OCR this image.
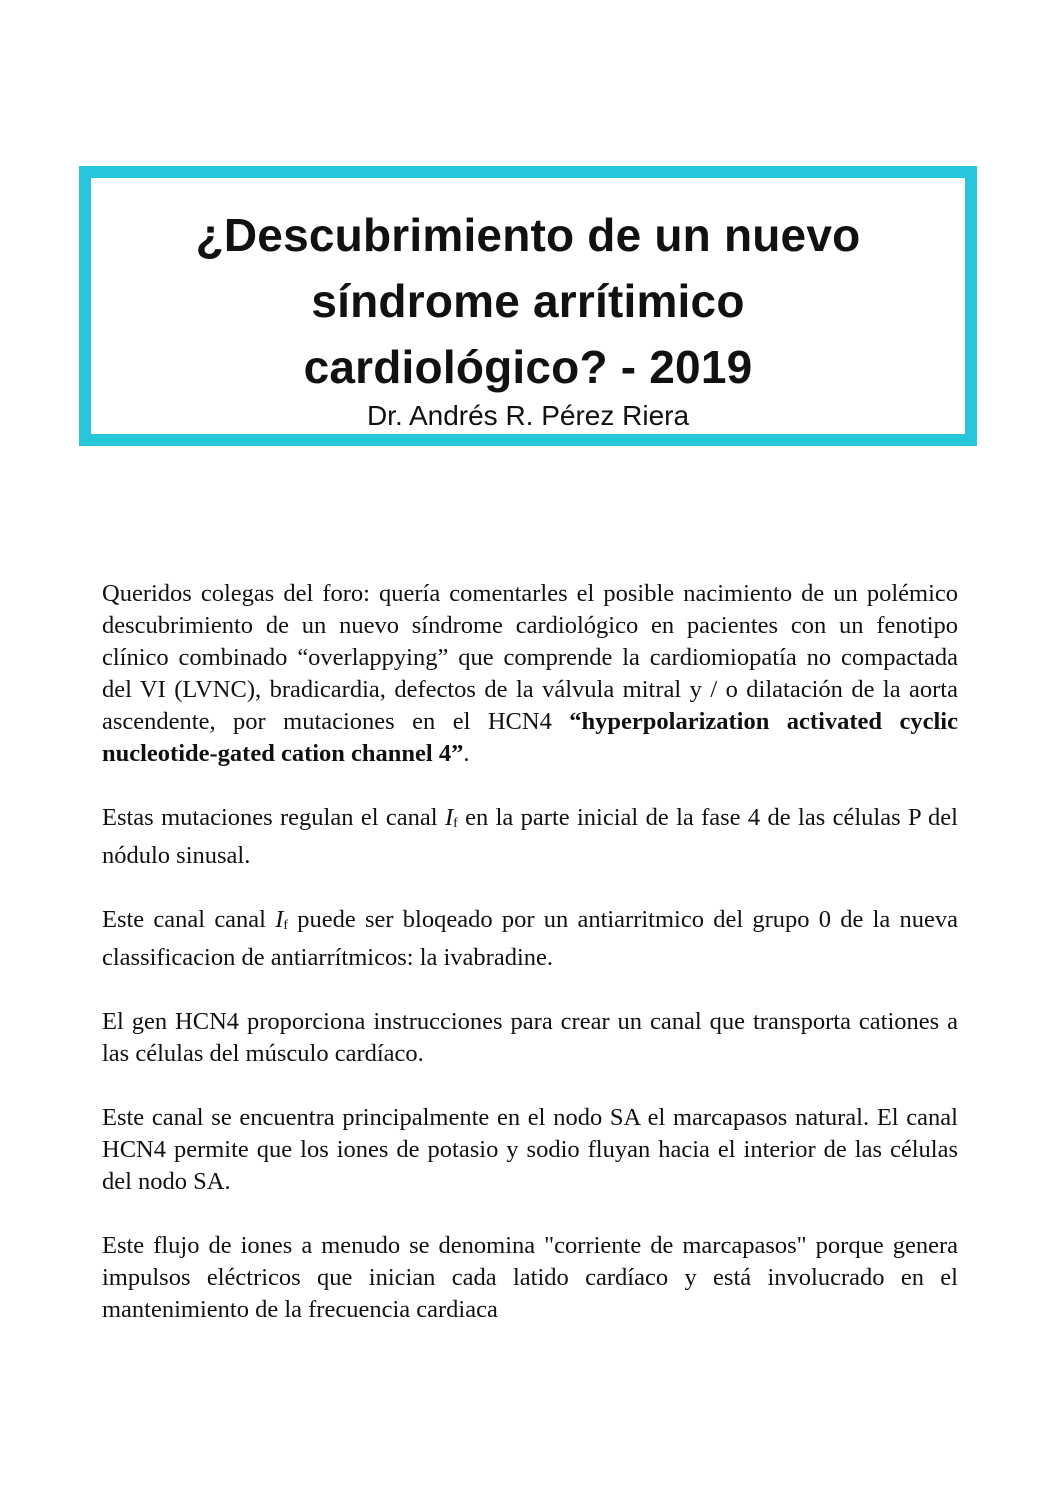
¿Descubrimiento de un nuevo
síndrome arrítimico
cardiológico? - 2019
Dr. Andrés R. Pérez Riera

Queridos colegas del foro: quería comentarles el posible nacimiento de un polémico descubrimiento de un nuevo síndrome cardiológico en pacientes con un fenotipo clínico combinado “overlappying” que comprende la cardiomiopatía no compactada del VI (LVNC), bradicardia, defectos de la válvula mitral y / o dilatación de la aorta ascendente, por mutaciones en el HCN4 “hyperpolarization activated cyclic nucleotide-gated cation channel 4”.

Estas mutaciones regulan el canal If en la parte inicial de la fase 4 de las células P del nódulo sinusal.

Este canal canal If puede ser bloqeado por un antiarritmico del grupo 0 de la nueva classificacion de antiarrítmicos: la ivabradine.

El gen HCN4 proporciona instrucciones para crear un canal que transporta cationes a las células del músculo cardíaco.

Este canal se encuentra principalmente en el nodo SA el marcapasos natural. El canal HCN4 permite que los iones de potasio y sodio fluyan hacia el interior de las células del nodo SA.

Este flujo de iones a menudo se denomina "corriente de marcapasos" porque genera impulsos eléctricos que inician cada latido cardíaco y está involucrado en el mantenimiento de la frecuencia cardiaca
